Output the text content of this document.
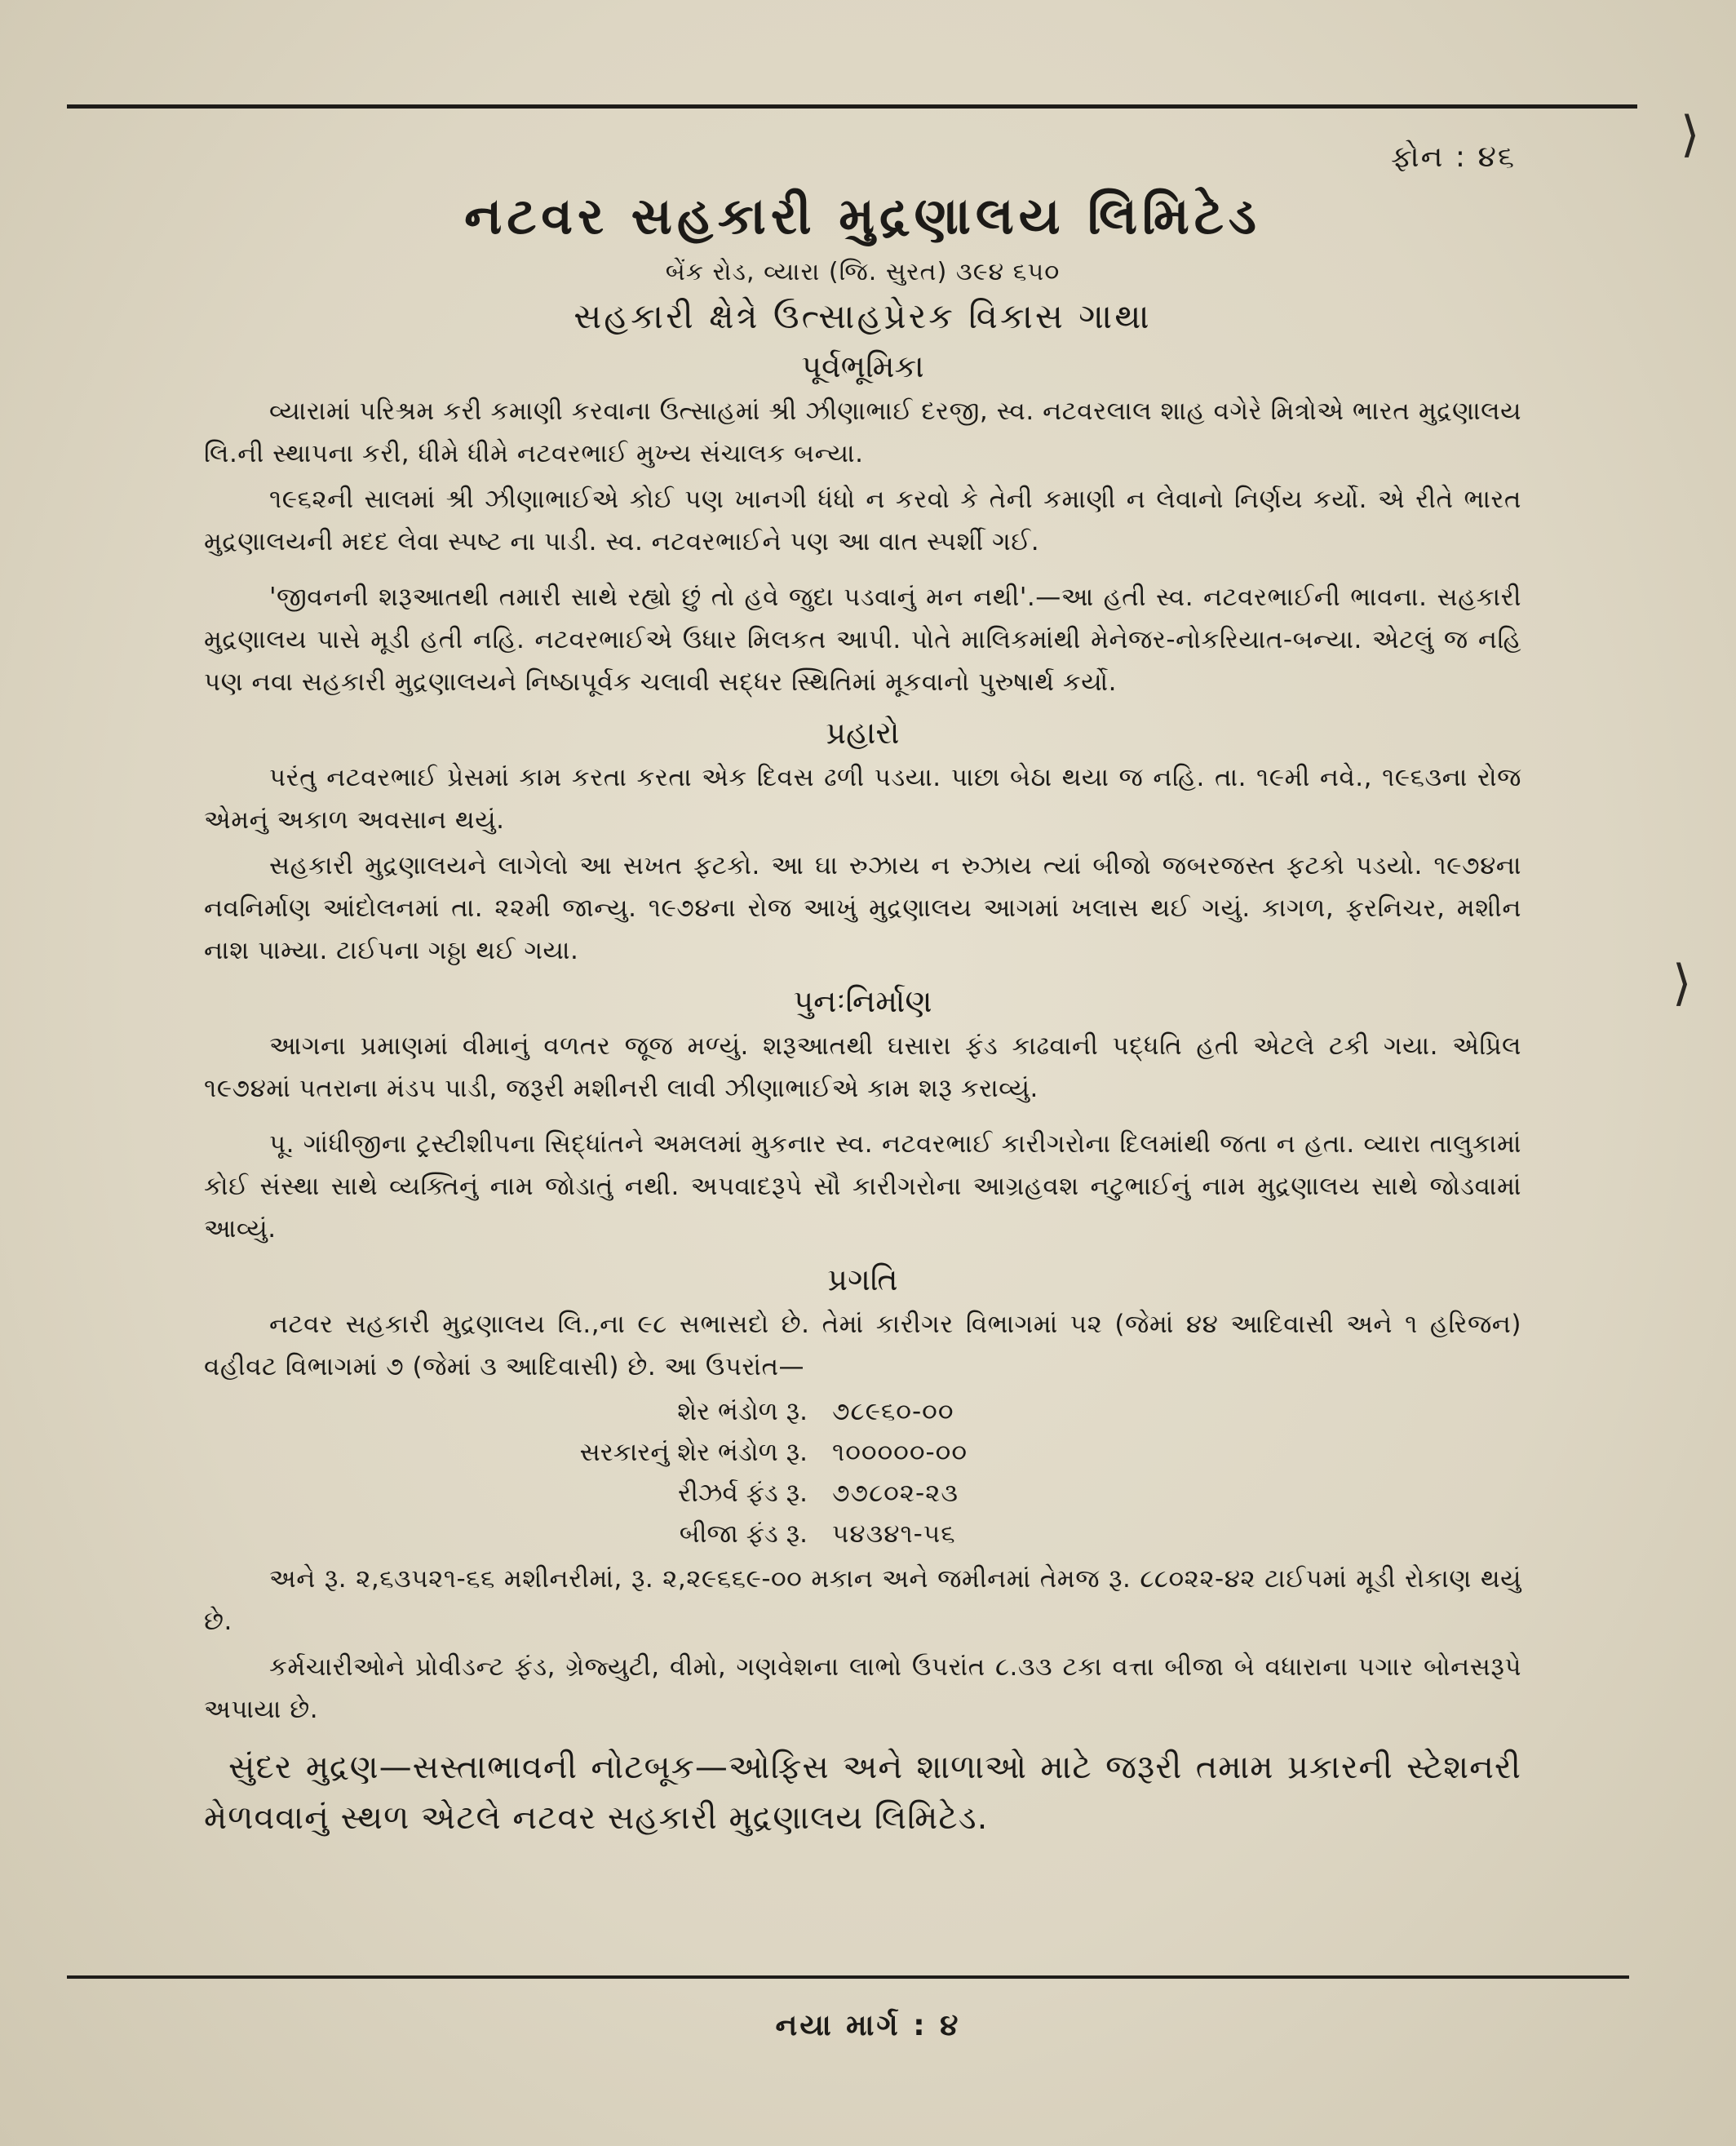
⟩
⟩
ફોન : ૪૬
નટવર સહકારી મુદ્રણાલય લિમિટેડ
બેંક રોડ, વ્યારા (જિ. સુરત) ૩૯૪ ૬૫૦
સહકારી ક્ષેત્રે ઉત્સાહપ્રેરક વિકાસ ગાથા
પૂર્વભૂમિકા

વ્યારામાં પરિશ્રમ કરી કમાણી કરવાના ઉત્સાહમાં શ્રી ઝીણાભાઈ દરજી, સ્વ. નટવરલાલ શાહ વગેરે મિત્રોએ ભારત મુદ્રણાલય લિ.ની સ્થાપના કરી, ધીમે ધીમે નટવરભાઈ મુખ્ય સંચાલક બન્યા.

૧૯૬૨ની સાલમાં શ્રી ઝીણાભાઈએ કોઈ પણ ખાનગી ધંધો ન કરવો કે તેની કમાણી ન લેવાનો નિર્ણય કર્યો. એ રીતે ભારત મુદ્રણાલયની મદદ લેવા સ્પષ્ટ ના પાડી. સ્વ. નટવરભાઈને પણ આ વાત સ્પર્શી ગઈ.

'જીવનની શરૂઆતથી તમારી સાથે રહ્યો છું તો હવે જુદા પડવાનું મન નથી'.—આ હતી સ્વ. નટવરભાઈની ભાવના. સહકારી મુદ્રણાલય પાસે મૂડી હતી નહિ. નટવરભાઈએ ઉધાર મિલકત આપી. પોતે માલિકમાંથી મેનેજર-નોકરિયાત-બન્યા. એટલું જ નહિ પણ નવા સહકારી મુદ્રણાલયને નિષ્ઠાપૂર્વક ચલાવી સદ્ધર સ્થિતિમાં મૂકવાનો પુરુષાર્થ કર્યો.

પ્રહારો

પરંતુ નટવરભાઈ પ્રેસમાં કામ કરતા કરતા એક દિવસ ઢળી પડયા. પાછા બેઠા થયા જ નહિ. તા. ૧૯મી નવે., ૧૯૬૩ના રોજ એમનું અકાળ અવસાન થયું.

સહકારી મુદ્રણાલયને લાગેલો આ સખત ફટકો. આ ઘા રુઝાય ન રુઝાય ત્યાં બીજો જબરજસ્ત ફટકો પડયો. ૧૯૭૪ના નવનિર્માણ આંદોલનમાં તા. ૨૨મી જાન્યુ. ૧૯૭૪ના રોજ આખું મુદ્રણાલય આગમાં ખલાસ થઈ ગયું. કાગળ, ફરનિચર, મશીન નાશ પામ્યા. ટાઈપના ગઠ્ઠા થઈ ગયા.

પુનઃનિર્માણ

આગના પ્રમાણમાં વીમાનું વળતર જૂજ મળ્યું. શરૂઆતથી ઘસારા ફંડ કાઢવાની પદ્ધતિ હતી એટલે ટકી ગયા. એપ્રિલ ૧૯૭૪માં પતરાના મંડપ પાડી, જરૂરી મશીનરી લાવી ઝીણાભાઈએ કામ શરૂ કરાવ્યું.

પૂ. ગાંધીજીના ટ્રસ્ટીશીપના સિદ્ધાંતને અમલમાં મુકનાર સ્વ. નટવરભાઈ કારીગરોના દિલમાંથી જતા ન હતા. વ્યારા તાલુકામાં કોઈ સંસ્થા સાથે વ્યક્તિનું નામ જોડાતું નથી. અપવાદરૂપે સૌ કારીગરોના આગ્રહવશ નટુભાઈનું નામ મુદ્રણાલય સાથે જોડવામાં આવ્યું.

પ્રગતિ

નટવર સહકારી મુદ્રણાલય લિ.,ના ૯૮ સભાસદો છે. તેમાં કારીગર વિભાગમાં ૫૨ (જેમાં ૪૪ આદિવાસી અને ૧ હરિજન) વહીવટ વિભાગમાં ૭ (જેમાં ૩ આદિવાસી) છે. આ ઉપરાંત—

શેર ભંડોળ રૂ. ૭૮૯૬૦-૦૦
સરકારનું શેર ભંડોળ રૂ. ૧૦૦૦૦૦-૦૦
રીઝર્વ ફંડ રૂ. ૭૭૮૦૨-૨૩
બીજા ફંડ રૂ. ૫૪૩૪૧-૫૬

અને રૂ. ૨,૬૩૫૨૧-૬૬ મશીનરીમાં, રૂ. ૨,૨૯૬૬૯-૦૦ મકાન અને જમીનમાં તેમજ રૂ. ૮૮૦૨૨-૪૨ ટાઈપમાં મૂડી રોકાણ થયું છે.

કર્મચારીઓને પ્રોવીડન્ટ ફંડ, ગ્રેજ્યુટી, વીમો, ગણવેશના લાભો ઉપરાંત ૮.૩૩ ટકા વત્તા બીજા બે વધારાના પગાર બોનસરૂપે અપાયા છે.

સુંદર મુદ્રણ—સસ્તાભાવની નોટબૂક—ઓફિસ અને શાળાઓ માટે જરૂરી તમામ પ્રકારની સ્ટેશનરી મેળવવાનું સ્થળ એટલે નટવર સહકારી મુદ્રણાલય લિમિટેડ.
નયા માર્ગ : ૪
